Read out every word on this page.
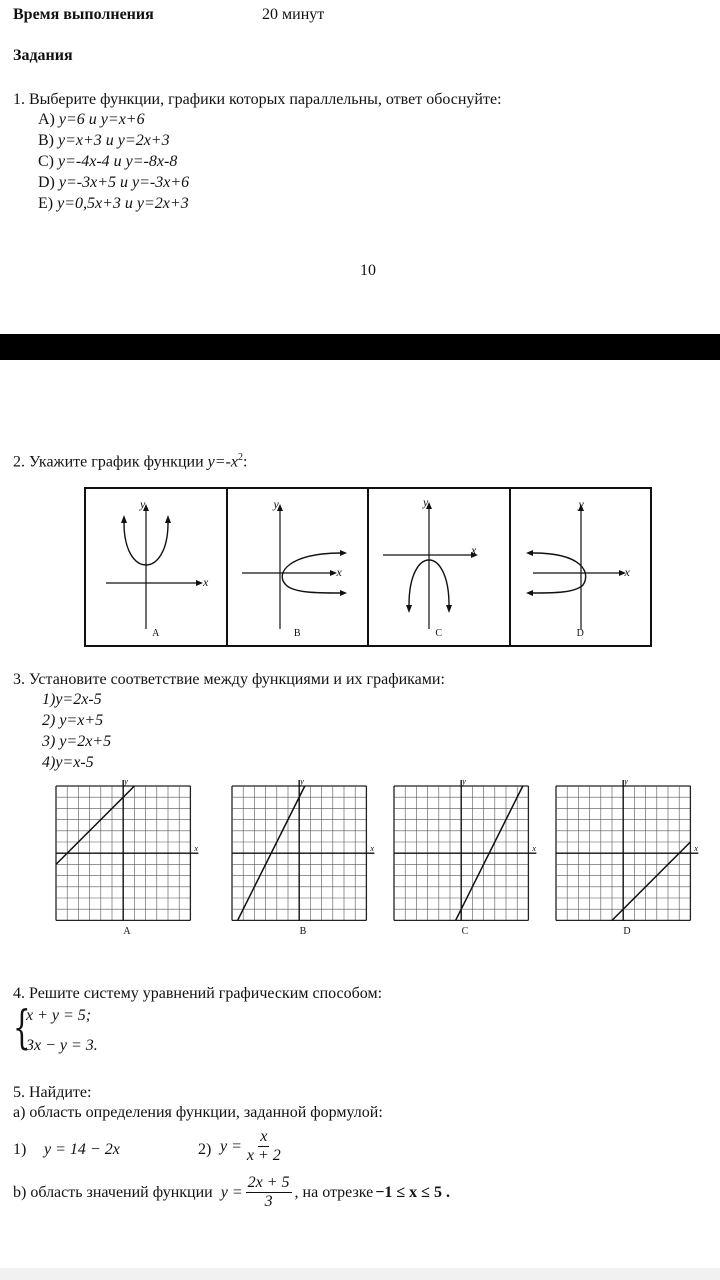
Время выполнения	20 минут
Задания
1. Выберите функции, графики которых параллельны, ответ обоснуйте:
A) y=6 и y=x+6
B) y=x+3 и y=2x+3
C) y=-4x-4 и y=-8x-8
D) y=-3x+5 и y=-3x+6
E) y=0,5x+3 и y=2x+3
10
2. Укажите график функции $y=-x^2$:
y
x
A
y
x
B
y
x
C
y
x
D
3. Установите соответствие между функциями и их графиками:
1)y=2x-5
2) y=x+5
3) y=2x+5
4)y=x-5
x
y
A
x
y
B
x
y
C
x
y
D
4. Решите систему уравнений графическим способом:
{
x + y = 5;
3x − y = 3.
5. Найдите:
а) область определения функции, заданной формулой:
1) y = 14 − 2x	2) $y = \frac{x}{x + 2}$
b) область значений функции $y = \frac{2x + 5}{3}$ , на отрезке −1 ≤ x ≤ 5 .
